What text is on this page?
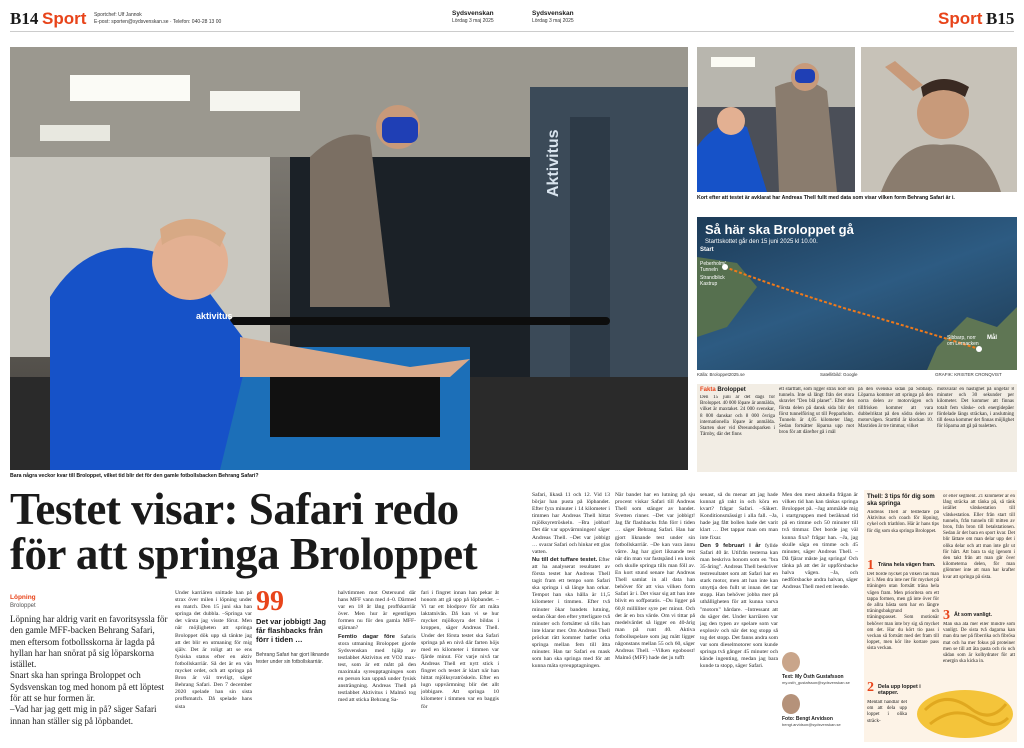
B14 Sport Sportchef: Ulf Jannok
E-post: sporten@sydsvenskan.se · Telefon: 040-28 13 00
Sydsvenskan
Lördag 3 maj 2025
Sydsvenskan
Lördag 3 maj 2025	Sport B15
Aktivitus
aktivitus
Bara några veckor kvar till Broloppet, vilket tid blir det för den gamle fotbollsbacken Behrang Safari?
Kort efter att testet är avklarat har Andreas Thell fullt med data som visar vilken form Behrang Safari är i.
Så här ska Broloppet gå
Starttskottet går den 15 juni 2025 kl 10.00.
Start
Peberholm/ Tunneln
Strandblick Kastrup
Mål
Sibbarp, norr om Lernacken
Källa: Broloppet2025.se	Satellitbild: Google	GRAFIK: KRISTER CRONQVIST
Fakta Broloppet
Den 15 juni är det dags för Broloppet. 40 000 löpare är anmälda, vilket är maxtaket. 24 000 svenskar, 8 000 danskar och 8 000 övriga internationella löpare är anmälda. Starten sker vid Øresundsparken i Tårnby, där det finns
ett startfält, som ligger strax norr om tunneln. Inte så långt från det stora skravlet "Den blå planet". Efter den första delen på dansk sida blir det först tunnelföring ut till Pepparholm. Tunneln är 4,05 kilometer lång. Sedan fortsätter löparna upp mot bron för att därefter gå i mål
på den svenska sidan på Sibbarp. Löparna kommer att springa på den norra delen av motorvägen och tillfrisken kommer att vara dubbelriktat på den södra delen av motorvägen. Starttid är klockan 10. Maxtiden är tre timmar, vilket
motsvarar en hastighet på ungefär 8 minuter och 30 sekunder per kilometer. Det kommer att finnas totalt fem vätske- och energidepåer fördelade längs sträckan, i anslutning till dessa kommer det finnas möjlighet för löparna att gå på toaletten.
Testet visar: Safari redo
för att springa Broloppet
Löpning
Broloppet

Löpning har aldrig varit en favoritsyssla för den gamle MFF-backen Behrang Safari, men eftersom fotbollsskorna är lagda på hyllan har han snörat på sig löparskorna istället.

Snart ska han springa Broloppet och Sydsvenskan tog med honom på ett löptest för att se hur formen är.

–Vad har jag gett mig in på? säger Safari innan han ställer sig på löpbandet.

Under karriären snittade han på strax över milen i löpning under en match. Den 15 juni ska han springa det dubbla. –Springa var det värsta jag visste förut. Men när möjligheten att springa Broloppet dök upp så tänkte jag att det blir en utmaning för mig själv. Det är roligt att se ens fysiska status efter en aktiv fotbollskarriär. Så det är en vän mycket ordet, och att springa på Bron är väl trevligt, säger Behrang Safari. Den 7 december 2020 spelade han sin sista proffsmatch. Då spelade hans sista
99
Det var jobbigt! Jag får flashbacks från förr i tiden …
Behrang Safari har gjort liknande tester under sin fotbollskarriär.

halvtimmen mot Östersund där hans MFF vann med 4–0. Därmed var en 18 år lång proffskarriär över. Men hur är egentligen formen nu för den gamla MFF-stjärnan?

Femtio dagar före Safaris stora utmaning Broloppet gjorde Sydsvenskan med hjälp av testlabbet Aktivitus ett VO2 max-test, som är ett mått på den maximala syreupptagningen som en person kan uppnå under fysisk ansträngning. Andreas Thell på testlabbet Aktivitus i Malmö tog med att sticka Behrang Sa-

fari i fingret innan han pekar åt honom att gå upp på löpbandet. –Vi tar ett blodprov för att mäta laktatnivån. Då kan vi se hur mycket mjölksyra det bildas i kroppen, säger Andreas Thell. Under det första testet ska Safari springa på en nivå där farten höjs med en kilometer i timmen var fjärde minut. För varje nivå tar Andreas Thell ett nytt stick i fingret och testet är klart när han hittat mjölksyratröskeln. Efter en lugn uppvärmning blir det allt jobbigare. Att springa 10 kilometer i timmen var en baggis för

Safari, likaså 11 och 12. Vid 13 börjar han pusta på löpbandet. Efter fyra minuter i 14 kilometer i timmen har Andreas Thell hittat mjölksyretröskeln. –Bra jobbat! Det där var uppvärmningen! säger Andreas Thell. –Det var jobbigt … svarar Safari och hinkar ett glas vatten.

Nu till det tuffare testet. Efter att ha analyserat resultatet av första testet har Andreas Thell tagit fram ett tempo som Safari ska springa i så länge han orkar. Tempot han ska hålla är 11,5 kilometer i timmen. Efter två minuter ökar bandets lutning, sedan ökar den efter ytterligare två minuter och fortsätter så tills han inte klarar mer. Om Andreas Thell pröckat rätt kommer hatfer orka springa mellan fem till åtta minuter. Han tar Safari en mask som han ska springa med för att kunna mäta syreupptagningen.

När bandet har en lutning på sju procent viskar Safari till Andreas Thell som stänger av bandet. Svetten rinner. –Det var jobbigt! Jag får flashbacks från förr i tiden … säger Behrang Safari. Han har gjort liknande test under sin fotbollskarriär. –De kan vara ännu värre. Jag har gjort liknande test när din man var fastspänd i en krok och skulle springa tills man föll av. En kort stund senare har Andreas Thell samlat in all data han behöver för att visa vilken form Safari är i. Det visar sig att han inte blivit en soffpotatis. –Du ligger på 60,8 milliliter syre per minut. Och det är en bra värde. Om vi tittar på medelvärdet så ligger en 40-årig man på runt 40. Aktiva fotbollsspelare som jag mätt ligger någonstans mellan 55 och 60, säger Andreas Thell. –Vilken egoboost! Malmö (MFF) hade det ju tufft

senast, så du menar att jag hade kunnat gå rakt in och köra en kvart? frågar Safari. –Säkert. Konditionsmässigt i alla fall. –Ja, hade jag fått bollen hade det varit klart … Det tappar man om man inte fixar.

Den 9 februari i år fyllde Safari 40 år. Utifrån testerna kan man beskriva honom som en "bra 35-åring". Andreas Thell beskriver testresultatet som att Safari har en stark motor, men att han inte kan utnyttja den fullt ut innan det tar stopp. Han behöver jobba mer på uthålligheten för att kunna varva "motorn" hårdare. –Intressant att du säger det. Under karriären var jag den typen av spelare som var explosiv och när det tog stopp så tog det stopp. Det fanns andra som var som dieselmotorer som kunde springa två gånger 45 minuter och kände ingenting, medan jag bara kunde ta stopp, säger Safari.

Men den mest aktuella frågan är vilken tid han kan tänkas springa Broloppet på. –Jag ammälde mig i startgruppen med beräknad tid på en timme och 50 minuter till två timmar. Det borde jag väl kunna fixa? frågar han. –Ja, jag skulle säga en timme och 45 minuter, säger Andreas Thell. –Då fjärar måste jag springa! Och tänka på att det är uppförsbacke halva vägen. –Ja, och nedförsbacke andra halvan, säger Andreas Thell med ett leende.
Text: My Östh Gustafsson
my.osth_gustafsson@sydsvenskan.se
Foto: Bengt Arvidson
bengt.arvidson@sydsvenskan.se
Thell: 3 tips för dig som ska springa
Andreas Thell är testledare på Aktivitus och coach för löpning, cykel och triathlon. Här är hans tips för dig som ska springa Broloppet.
1 Träna hela vägen fram.
Det borde nycket på vilken fas man är i. Men dra inte ner för mycket på träningen utan fortsätt träna hela vägen fram. Men prioritera om ett tappa formen, men gå inte över för de allra bästa som har en längre träningsbakgrund och träningspasset. Som motionär behöver man inte bry sig så mycket om det. Har du kört tio pass i veckan så fortsätt med det fram till loppet, men kör lite kortare pass sista veckan.
2 Dela upp loppet i etapper.
Mentalt handlar det om att dela upp loppet i olika sträck-
or eller segment. 21 kilometer är en lång sträcka att tänka på, så tänk istället vätskestation till vätskestation. Eller från start till tunneln, från tunneln till mitten av bron, från bron till betalstationen. Sedan är det bara en sport kvar. Det blir lättare om man delar upp det i olika delar och att man inte går ut för hårt. Att bara ta sig igenom i den takt från att man går över kilometerna delen, för man glömmer inte att man har krafter kvar att springa på sista.
3 Ät som vanligt.
Man ska äta mer eller mindre som vanligt. De sista två dagarna kan man dra ner på fiberrika och fibrösa mat och ha mer fokus på proteiner men se till att äta pasta och ris och sådan som är kolhydrater för att energin ska kicka in.
